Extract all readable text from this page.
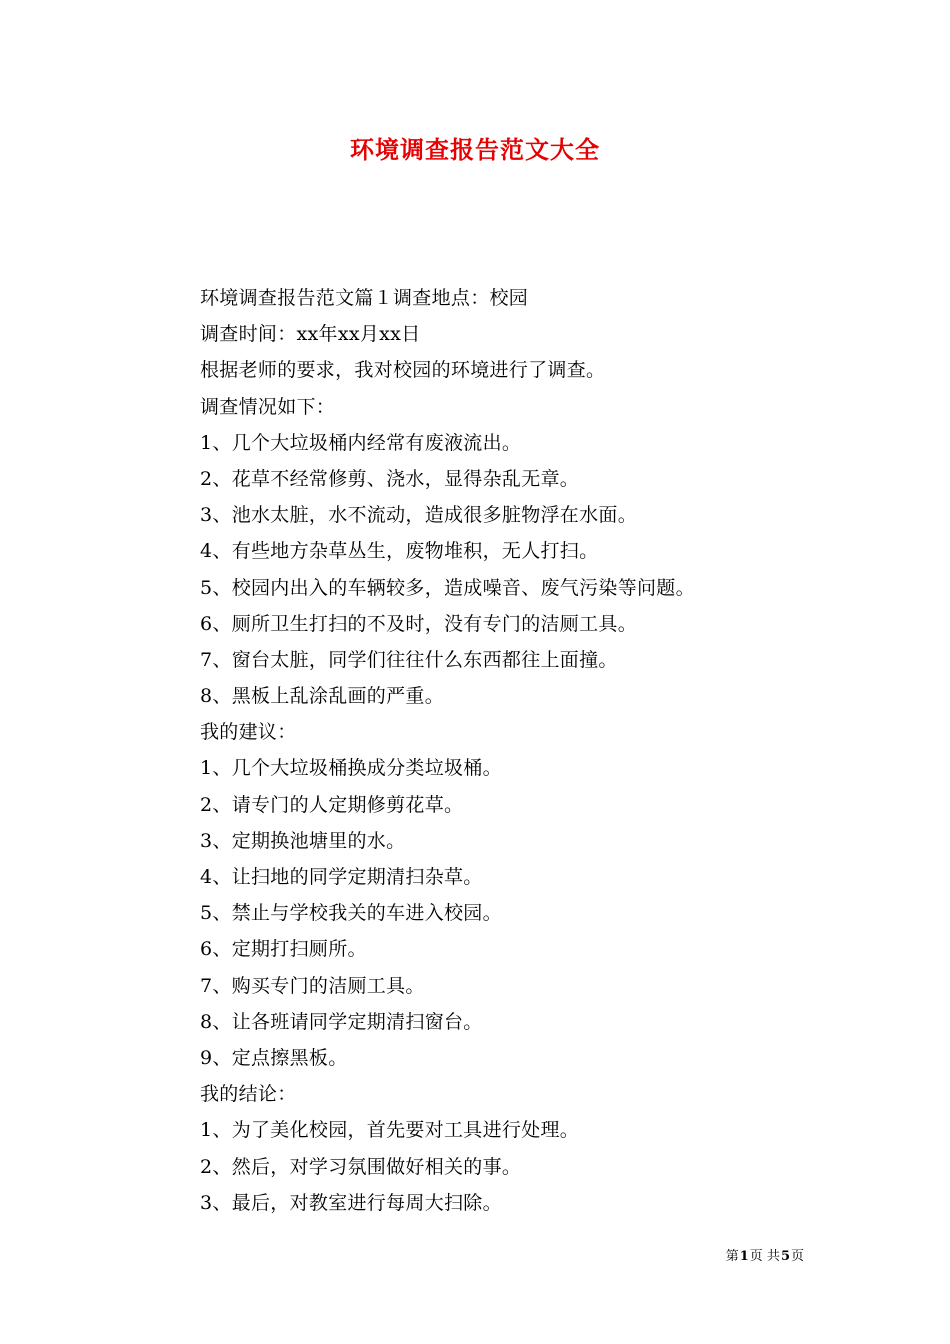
环境调查报告范文大全
环境调查报告范文篇１调查地点：校园
调查时间：xx年xx月xx日
根据老师的要求，我对校园的环境进行了调查。
调查情况如下：
1、几个大垃圾桶内经常有废液流出。
2、花草不经常修剪、浇水，显得杂乱无章。
3、池水太脏，水不流动，造成很多脏物浮在水面。
4、有些地方杂草丛生，废物堆积，无人打扫。
5、校园内出入的车辆较多，造成噪音、废气污染等问题。
6、厕所卫生打扫的不及时，没有专门的洁厕工具。
7、窗台太脏，同学们往往什么东西都往上面撞。
8、黑板上乱涂乱画的严重。
我的建议：
1、几个大垃圾桶换成分类垃圾桶。
2、请专门的人定期修剪花草。
3、定期换池塘里的水。
4、让扫地的同学定期清扫杂草。
5、禁止与学校我关的车进入校园。
6、定期打扫厕所。
7、购买专门的洁厕工具。
8、让各班请同学定期清扫窗台。
9、定点擦黑板。
我的结论：
1、为了美化校园，首先要对工具进行处理。
2、然后，对学习氛围做好相关的事。
3、最后，对教室进行每周大扫除。
第1页 共5页
